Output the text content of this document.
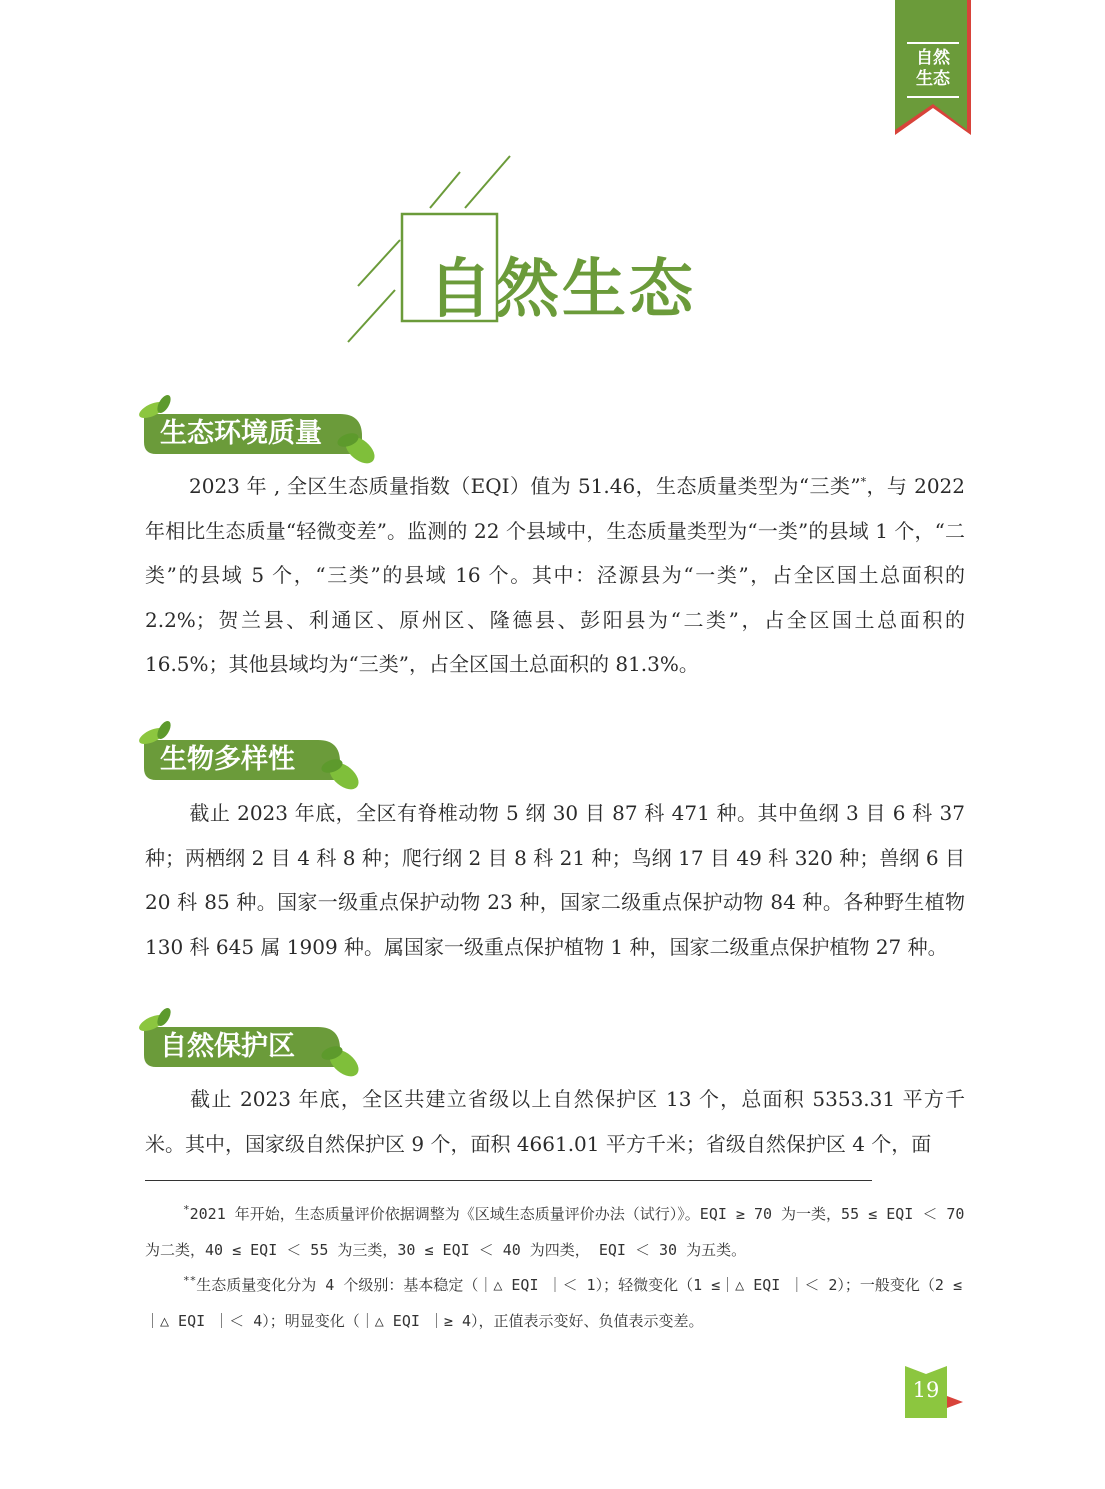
自然
生态
自然生态
生态环境质量

2023 年 , 全区生态质量指数（EQI）值为 51.46，生态质量类型为“三类”*，与 2022 年相比生态质量“轻微变差”。监测的 22 个县域中，生态质量类型为“一类”的县域 1 个，“二类”的县域 5 个，“三类”的县域 16 个。其中：泾源县为“一类”，占全区国土总面积的 2.2%；贺兰县、利通区、原州区、隆德县、彭阳县为“二类”，占全区国土总面积的 16.5%；其他县域均为“三类”，占全区国土总面积的 81.3%。

生物多样性

截止 2023 年底，全区有脊椎动物 5 纲 30 目 87 科 471 种。其中鱼纲 3 目 6 科 37 种；两栖纲 2 目 4 科 8 种；爬行纲 2 目 8 科 21 种；鸟纲 17 目 49 科 320 种；兽纲 6 目 20 科 85 种。国家一级重点保护动物 23 种，国家二级重点保护动物 84 种。各种野生植物 130 科 645 属 1909 种。属国家一级重点保护植物 1 种，国家二级重点保护植物 27 种。

自然保护区

截止 2023 年底，全区共建立省级以上自然保护区 13 个，总面积 5353.31 平方千米。其中，国家级自然保护区 9 个，面积 4661.01 平方千米；省级自然保护区 4 个，面

*2021 年开始，生态质量评价依据调整为《区域生态质量评价办法（试行）》。EQI ≥ 70 为一类，55 ≤ EQI ＜ 70 为二类，40 ≤ EQI ＜ 55 为三类，30 ≤ EQI ＜ 40 为四类， EQI ＜ 30 为五类。

**生态质量变化分为 4 个级别：基本稳定（｜△ EQI ｜＜ 1）；轻微变化（1 ≤｜△ EQI ｜＜ 2）；一般变化（2 ≤｜△ EQI ｜＜ 4）；明显变化（｜△ EQI ｜≥ 4），正值表示变好、负值表示变差。

19
